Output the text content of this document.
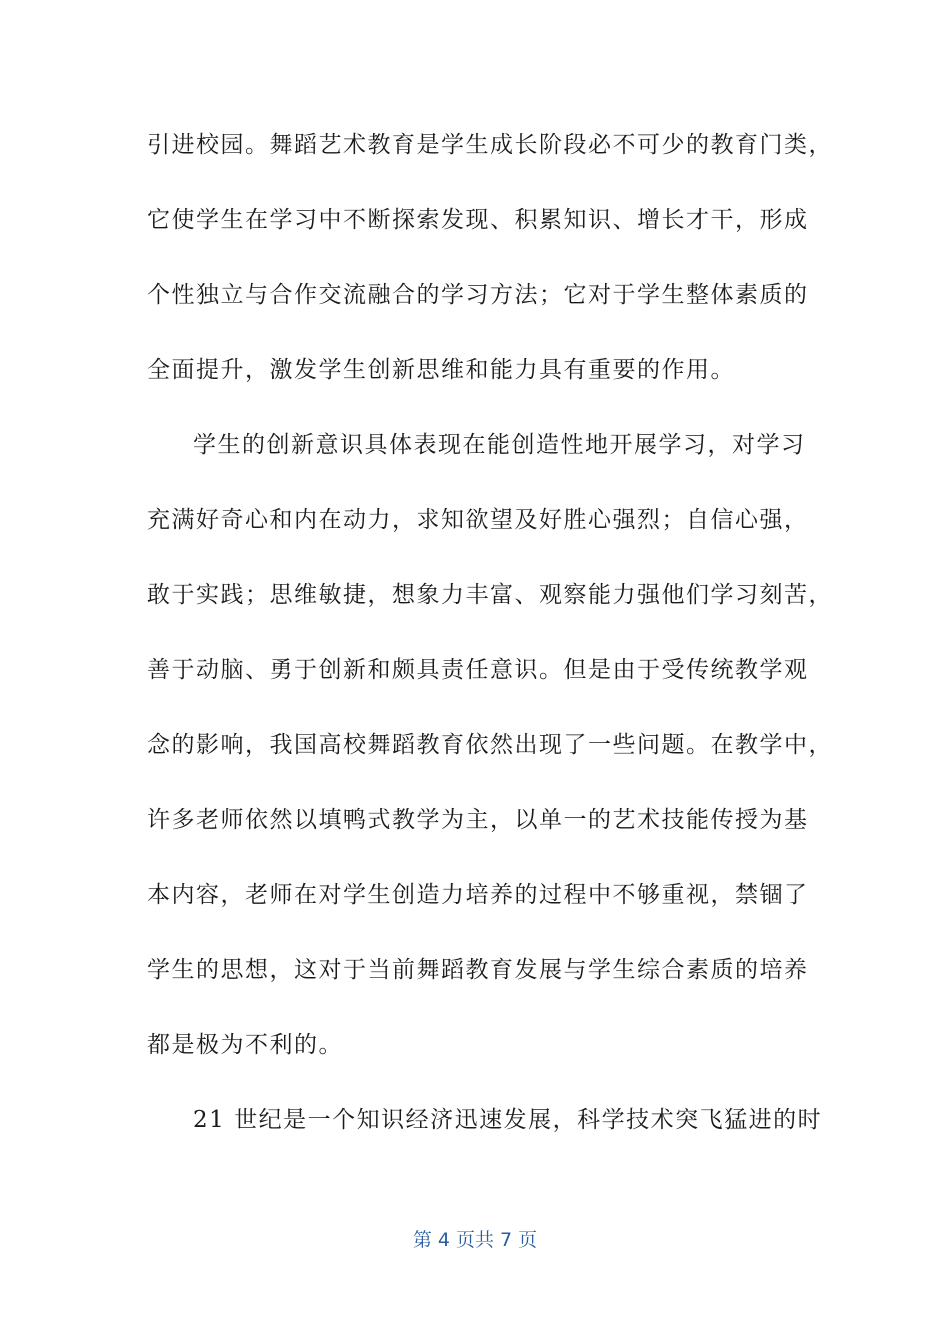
引进校园。舞蹈艺术教育是学生成长阶段必不可少的教育门类，
它使学生在学习中不断探索发现、积累知识、增长才干，形成
个性独立与合作交流融合的学习方法；它对于学生整体素质的
全面提升，激发学生创新思维和能力具有重要的作用。
学生的创新意识具体表现在能创造性地开展学习，对学习
充满好奇心和内在动力，求知欲望及好胜心强烈；自信心强，
敢于实践；思维敏捷，想象力丰富、观察能力强他们学习刻苦，
善于动脑、勇于创新和颇具责任意识。但是由于受传统教学观
念的影响，我国高校舞蹈教育依然出现了一些问题。在教学中，
许多老师依然以填鸭式教学为主，以单一的艺术技能传授为基
本内容，老师在对学生创造力培养的过程中不够重视，禁锢了
学生的思想，这对于当前舞蹈教育发展与学生综合素质的培养
都是极为不利的。
21 世纪是一个知识经济迅速发展，科学技术突飞猛进的时
第 4 页共 7 页
